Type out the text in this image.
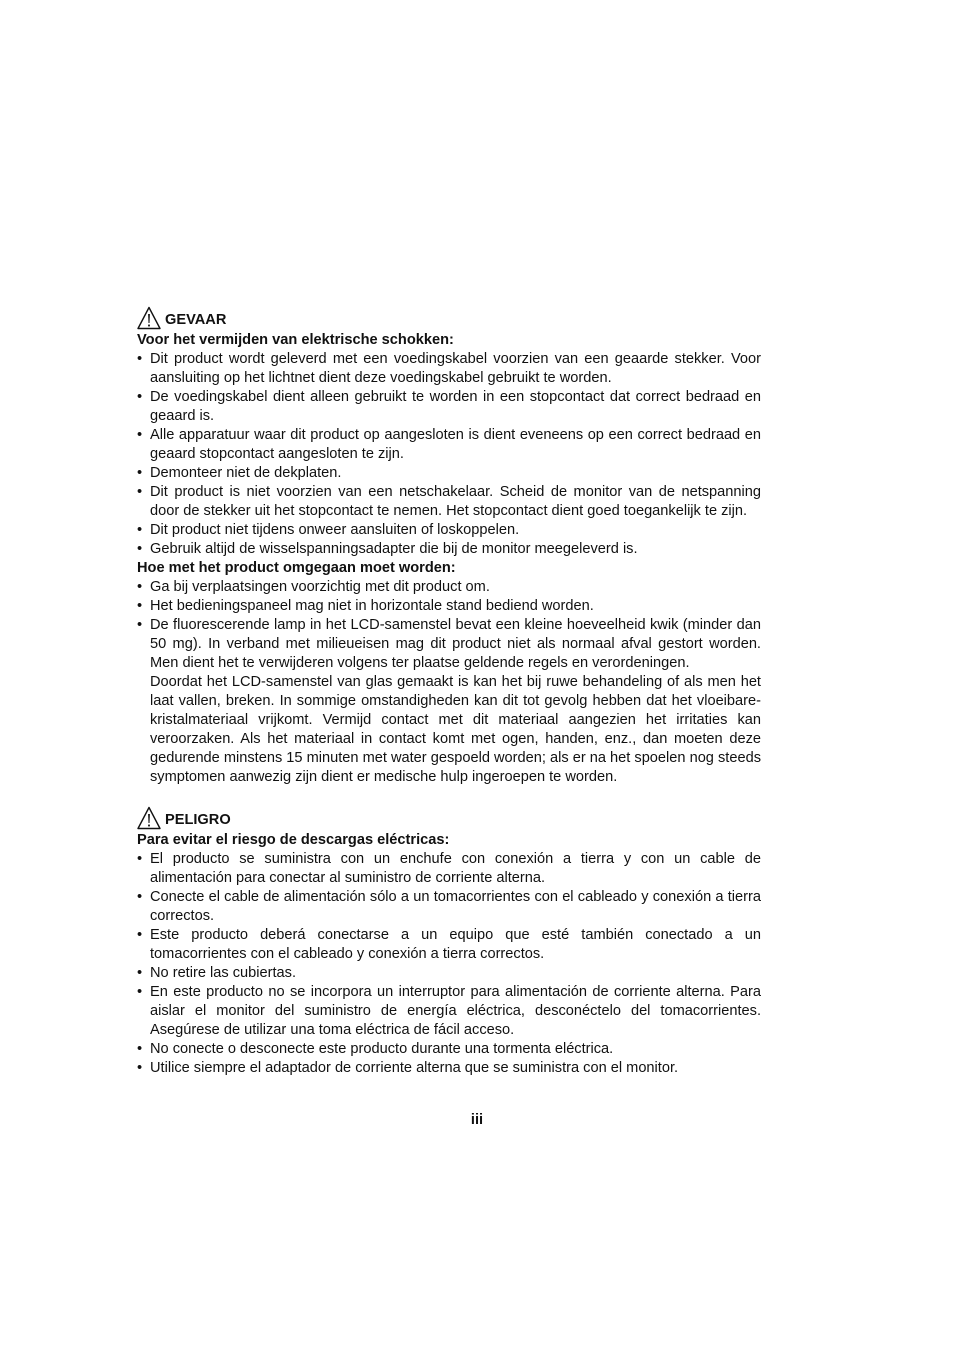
GEVAAR
Voor het vermijden van elektrische schokken:
• Dit product wordt geleverd met een voedingskabel voorzien van een geaarde stekker. Voor aansluiting op het lichtnet dient deze voedingskabel gebruikt te worden.
• De voedingskabel dient alleen gebruikt te worden in een stopcontact dat correct bedraad en geaard is.
• Alle apparatuur waar dit product op aangesloten is dient eveneens op een correct bedraad en geaard stopcontact aangesloten te zijn.
• Demonteer niet de dekplaten.
• Dit product is niet voorzien van een netschakelaar. Scheid de monitor van de netspanning door de stekker uit het stopcontact te nemen. Het stopcontact dient goed toegankelijk te zijn.
• Dit product niet tijdens onweer aansluiten of loskoppelen.
• Gebruik altijd de wisselspanningsadapter die bij de monitor meegeleverd is.
Hoe met het product omgegaan moet worden:
• Ga bij verplaatsingen voorzichtig met dit product om.
• Het bedieningspaneel mag niet in horizontale stand bediend worden.
• De fluorescerende lamp in het LCD-samenstel bevat een kleine hoeveelheid kwik (minder dan 50 mg). In verband met milieueisen mag dit product niet als normaal afval gestort worden. Men dient het te verwijderen volgens ter plaatse geldende regels en verordeningen.
Doordat het LCD-samenstel van glas gemaakt is kan het bij ruwe behandeling of als men het laat vallen, breken. In sommige omstandigheden kan dit tot gevolg hebben dat het vloeibare-kristalmateriaal vrijkomt. Vermijd contact met dit materiaal aangezien het irritaties kan veroorzaken. Als het materiaal in contact komt met ogen, handen, enz., dan moeten deze gedurende minstens 15 minuten met water gespoeld worden; als er na het spoelen nog steeds symptomen aanwezig zijn dient er medische hulp ingeroepen te worden.
PELIGRO
Para evitar el riesgo de descargas eléctricas:
• El producto se suministra con un enchufe con conexión a tierra y con un cable de alimentación para conectar al suministro de corriente alterna.
• Conecte el cable de alimentación sólo a un tomacorrientes con el cableado y conexión a tierra correctos.
• Este producto deberá conectarse a un equipo que esté también conectado a un tomacorrientes con el cableado y conexión a tierra correctos.
• No retire las cubiertas.
• En este producto no se incorpora un interruptor para alimentación de corriente alterna. Para aislar el monitor del suministro de energía eléctrica, desconéctelo del tomacorrientes. Asegúrese de utilizar una toma eléctrica de fácil acceso.
• No conecte o desconecte este producto durante una tormenta eléctrica.
• Utilice siempre el adaptador de corriente alterna que se suministra con el monitor.
iii
